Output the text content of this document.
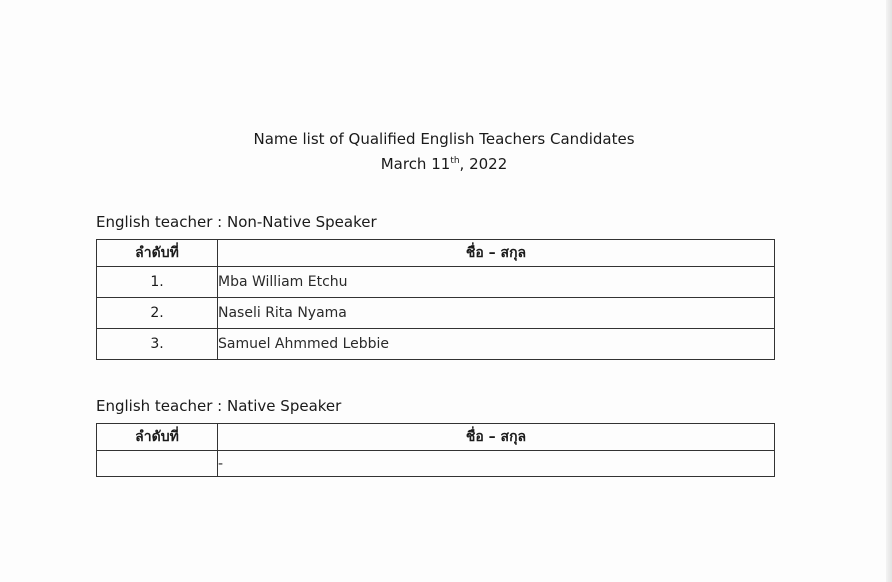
Name list of Qualified English Teachers Candidates
March 11th, 2022
English teacher : Non-Native Speaker
ลำดับที่	ชื่อ – สกุล
1.	Mba William Etchu
2.	Naseli Rita Nyama
3.	Samuel Ahmmed Lebbie
English teacher : Native Speaker
ลำดับที่	ชื่อ – สกุล
	-
